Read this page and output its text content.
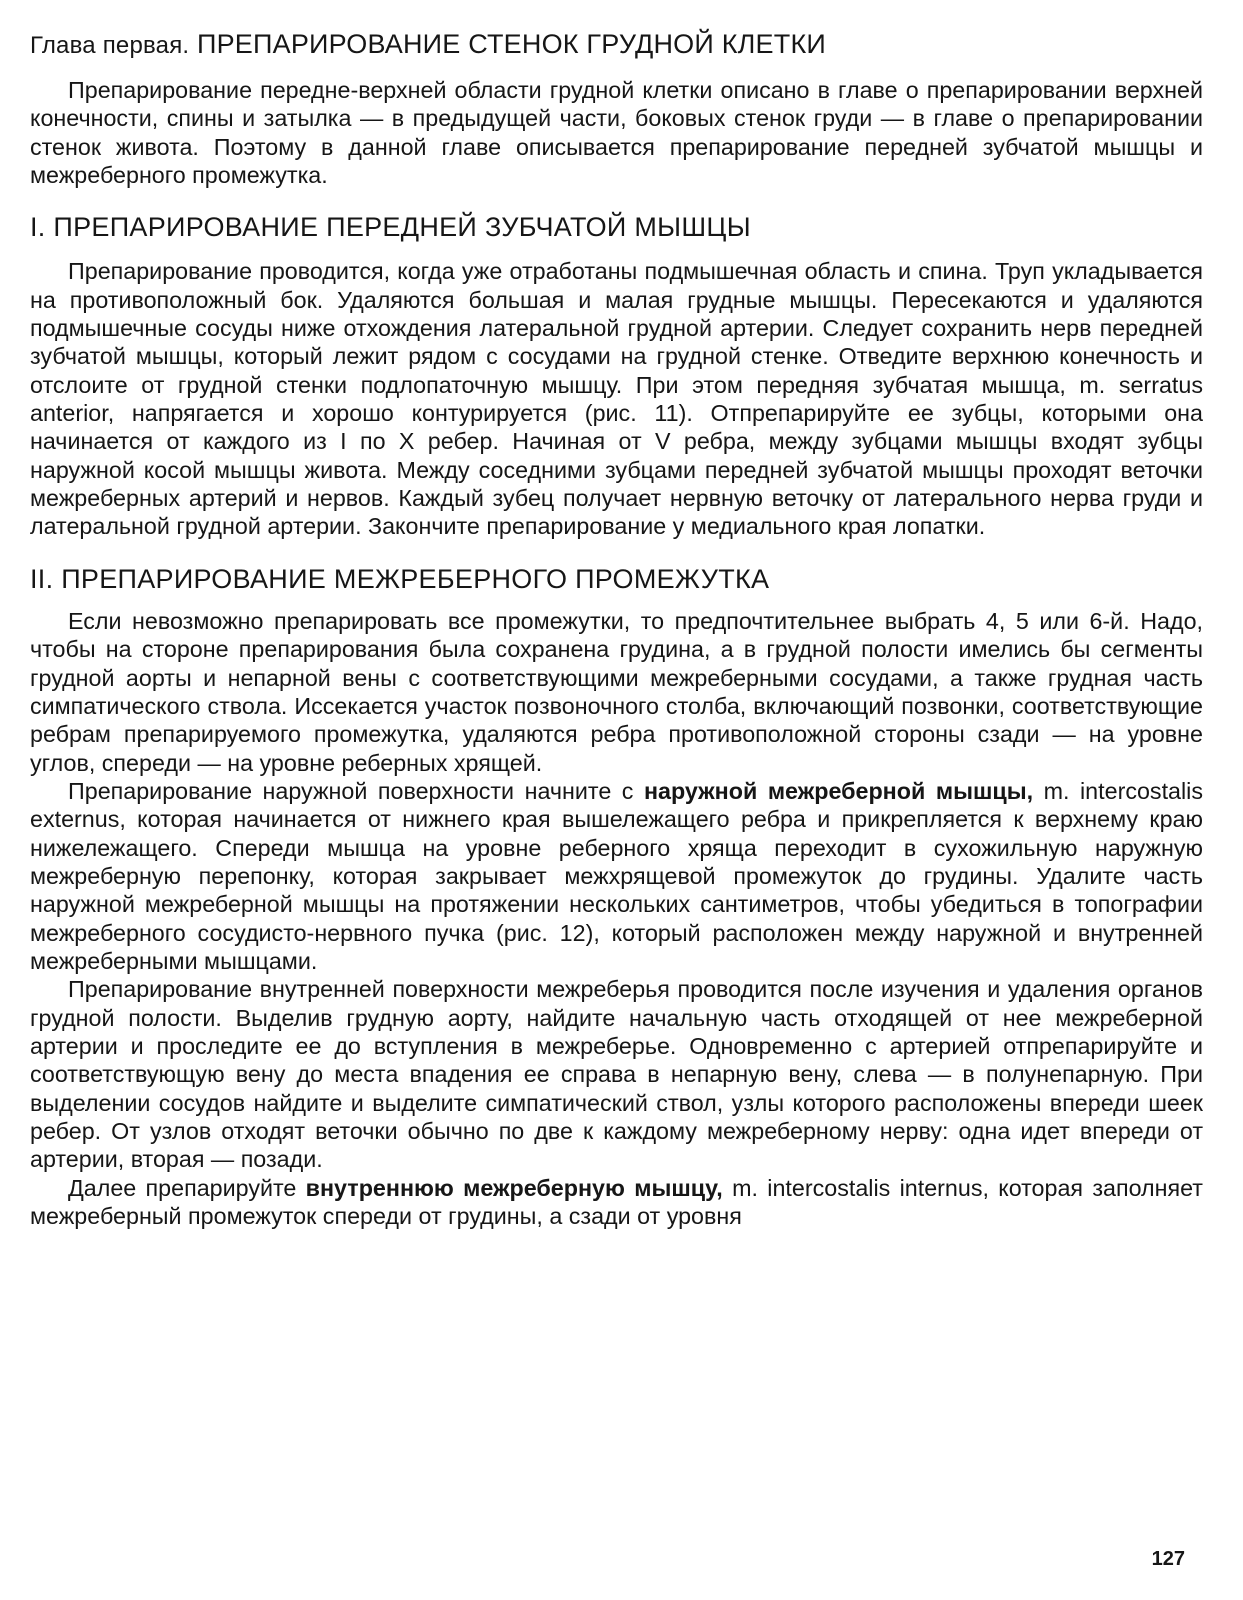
Глава первая. ПРЕПАРИРОВАНИЕ СТЕНОК ГРУДНОЙ КЛЕТКИ

Препарирование передне-верхней области грудной клетки описано в главе о препарировании верхней конечности, спины и затылка — в предыдущей части, боковых стенок груди — в главе о препарировании стенок живота. Поэтому в данной главе описывается препарирование передней зубчатой мышцы и межреберного промежутка.

I. ПРЕПАРИРОВАНИЕ ПЕРЕДНЕЙ ЗУБЧАТОЙ МЫШЦЫ

Препарирование проводится, когда уже отработаны подмышечная область и спина. Труп укладывается на противоположный бок. Удаляются большая и малая грудные мышцы. Пересекаются и удаляются подмышечные сосуды ниже отхождения латеральной грудной артерии. Следует сохранить нерв передней зубчатой мышцы, который лежит рядом с сосудами на грудной стенке. Отведите верхнюю конечность и отслоите от грудной стенки подлопаточную мышцу. При этом передняя зубчатая мышца, m. serratus anterior, напрягается и хорошо контурируется (рис. 11). Отпрепарируйте ее зубцы, которыми она начинается от каждого из I по X ребер. Начиная от V ребра, между зубцами мышцы входят зубцы наружной косой мышцы живота. Между соседними зубцами передней зубчатой мышцы проходят веточки межреберных артерий и нервов. Каждый зубец получает нервную веточку от латерального нерва груди и латеральной грудной артерии. Закончите препарирование у медиального края лопатки.

II. ПРЕПАРИРОВАНИЕ МЕЖРЕБЕРНОГО ПРОМЕЖУТКА

Если невозможно препарировать все промежутки, то предпочтительнее выбрать 4, 5 или 6-й. Надо, чтобы на стороне препарирования была сохранена грудина, а в грудной полости имелись бы сегменты грудной аорты и непарной вены с соответствующими межреберными сосудами, а также грудная часть симпатического ствола. Иссекается участок позвоночного столба, включающий позвонки, соответствующие ребрам препарируемого промежутка, удаляются ребра противоположной стороны сзади — на уровне углов, спереди — на уровне реберных хрящей.

Препарирование наружной поверхности начните с наружной межреберной мышцы, m. intercostalis externus, которая начинается от нижнего края вышележащего ребра и прикрепляется к верхнему краю нижележащего. Спереди мышца на уровне реберного хряща переходит в сухожильную наружную межреберную перепонку, которая закрывает межхрящевой промежуток до грудины. Удалите часть наружной межреберной мышцы на протяжении нескольких сантиметров, чтобы убедиться в топографии межреберного сосудисто-нервного пучка (рис. 12), который расположен между наружной и внутренней межреберными мышцами.

Препарирование внутренней поверхности межреберья проводится после изучения и удаления органов грудной полости. Выделив грудную аорту, найдите начальную часть отходящей от нее межреберной артерии и проследите ее до вступления в межреберье. Одновременно с артерией отпрепарируйте и соответствующую вену до места впадения ее справа в непарную вену, слева — в полунепарную. При выделении сосудов найдите и выделите симпатический ствол, узлы которого расположены впереди шеек ребер. От узлов отходят веточки обычно по две к каждому межреберному нерву: одна идет впереди от артерии, вторая — позади.

Далее препарируйте внутреннюю межреберную мышцу, m. intercostalis internus, которая заполняет межреберный промежуток спереди от грудины, а сзади от уровня

127
